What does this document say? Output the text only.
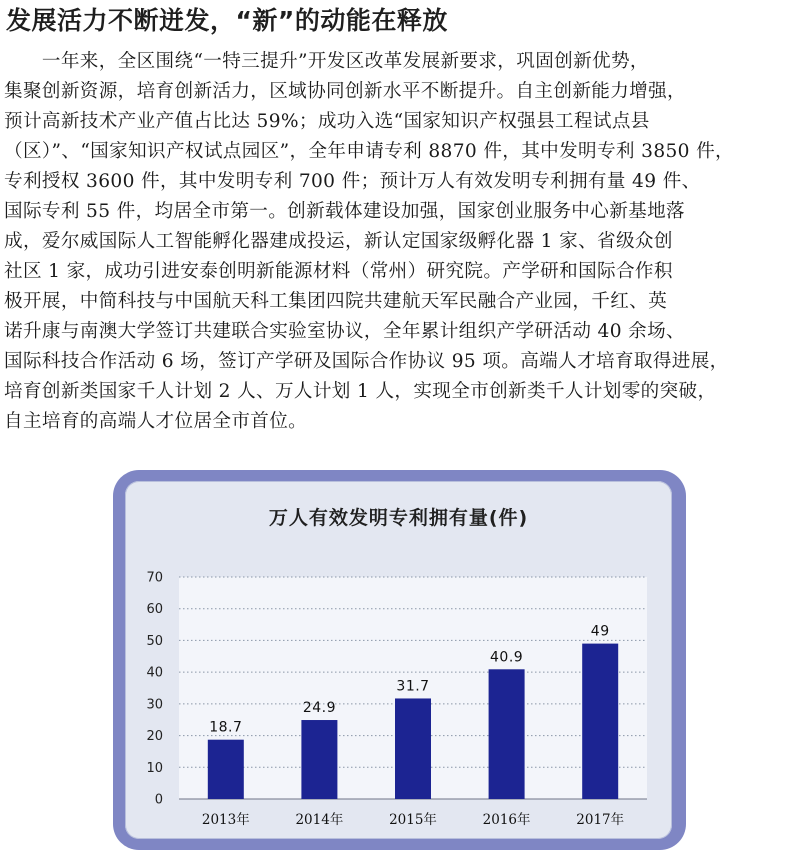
发展活力不断迸发，“新”的动能在释放
　　一年来，全区围绕“一特三提升”开发区改革发展新要求，巩固创新优势，
集聚创新资源，培育创新活力，区域协同创新水平不断提升。自主创新能力增强，
预计高新技术产业产值占比达 59%；成功入选“国家知识产权强县工程试点县
（区）”、“国家知识产权试点园区”，全年申请专利 8870 件，其中发明专利 3850 件，
专利授权 3600 件，其中发明专利 700 件；预计万人有效发明专利拥有量 49 件、
国际专利 55 件，均居全市第一。创新载体建设加强，国家创业服务中心新基地落
成，爱尔威国际人工智能孵化器建成投运，新认定国家级孵化器 1 家、省级众创
社区 1 家，成功引进安泰创明新能源材料（常州）研究院。产学研和国际合作积
极开展，中简科技与中国航天科工集团四院共建航天军民融合产业园，千红、英
诺升康与南澳大学签订共建联合实验室协议，全年累计组织产学研活动 40 余场、
国际科技合作活动 6 场，签订产学研及国际合作协议 95 项。高端人才培育取得进展，
培育创新类国家千人计划 2 人、万人计划 1 人，实现全市创新类千人计划零的突破，
自主培育的高端人才位居全市首位。
万人有效发明专利拥有量(件)
0
10
20
30
40
50
60
70
18.7
2013年
24.9
2014年
31.7
2015年
40.9
2016年
49
2017年
